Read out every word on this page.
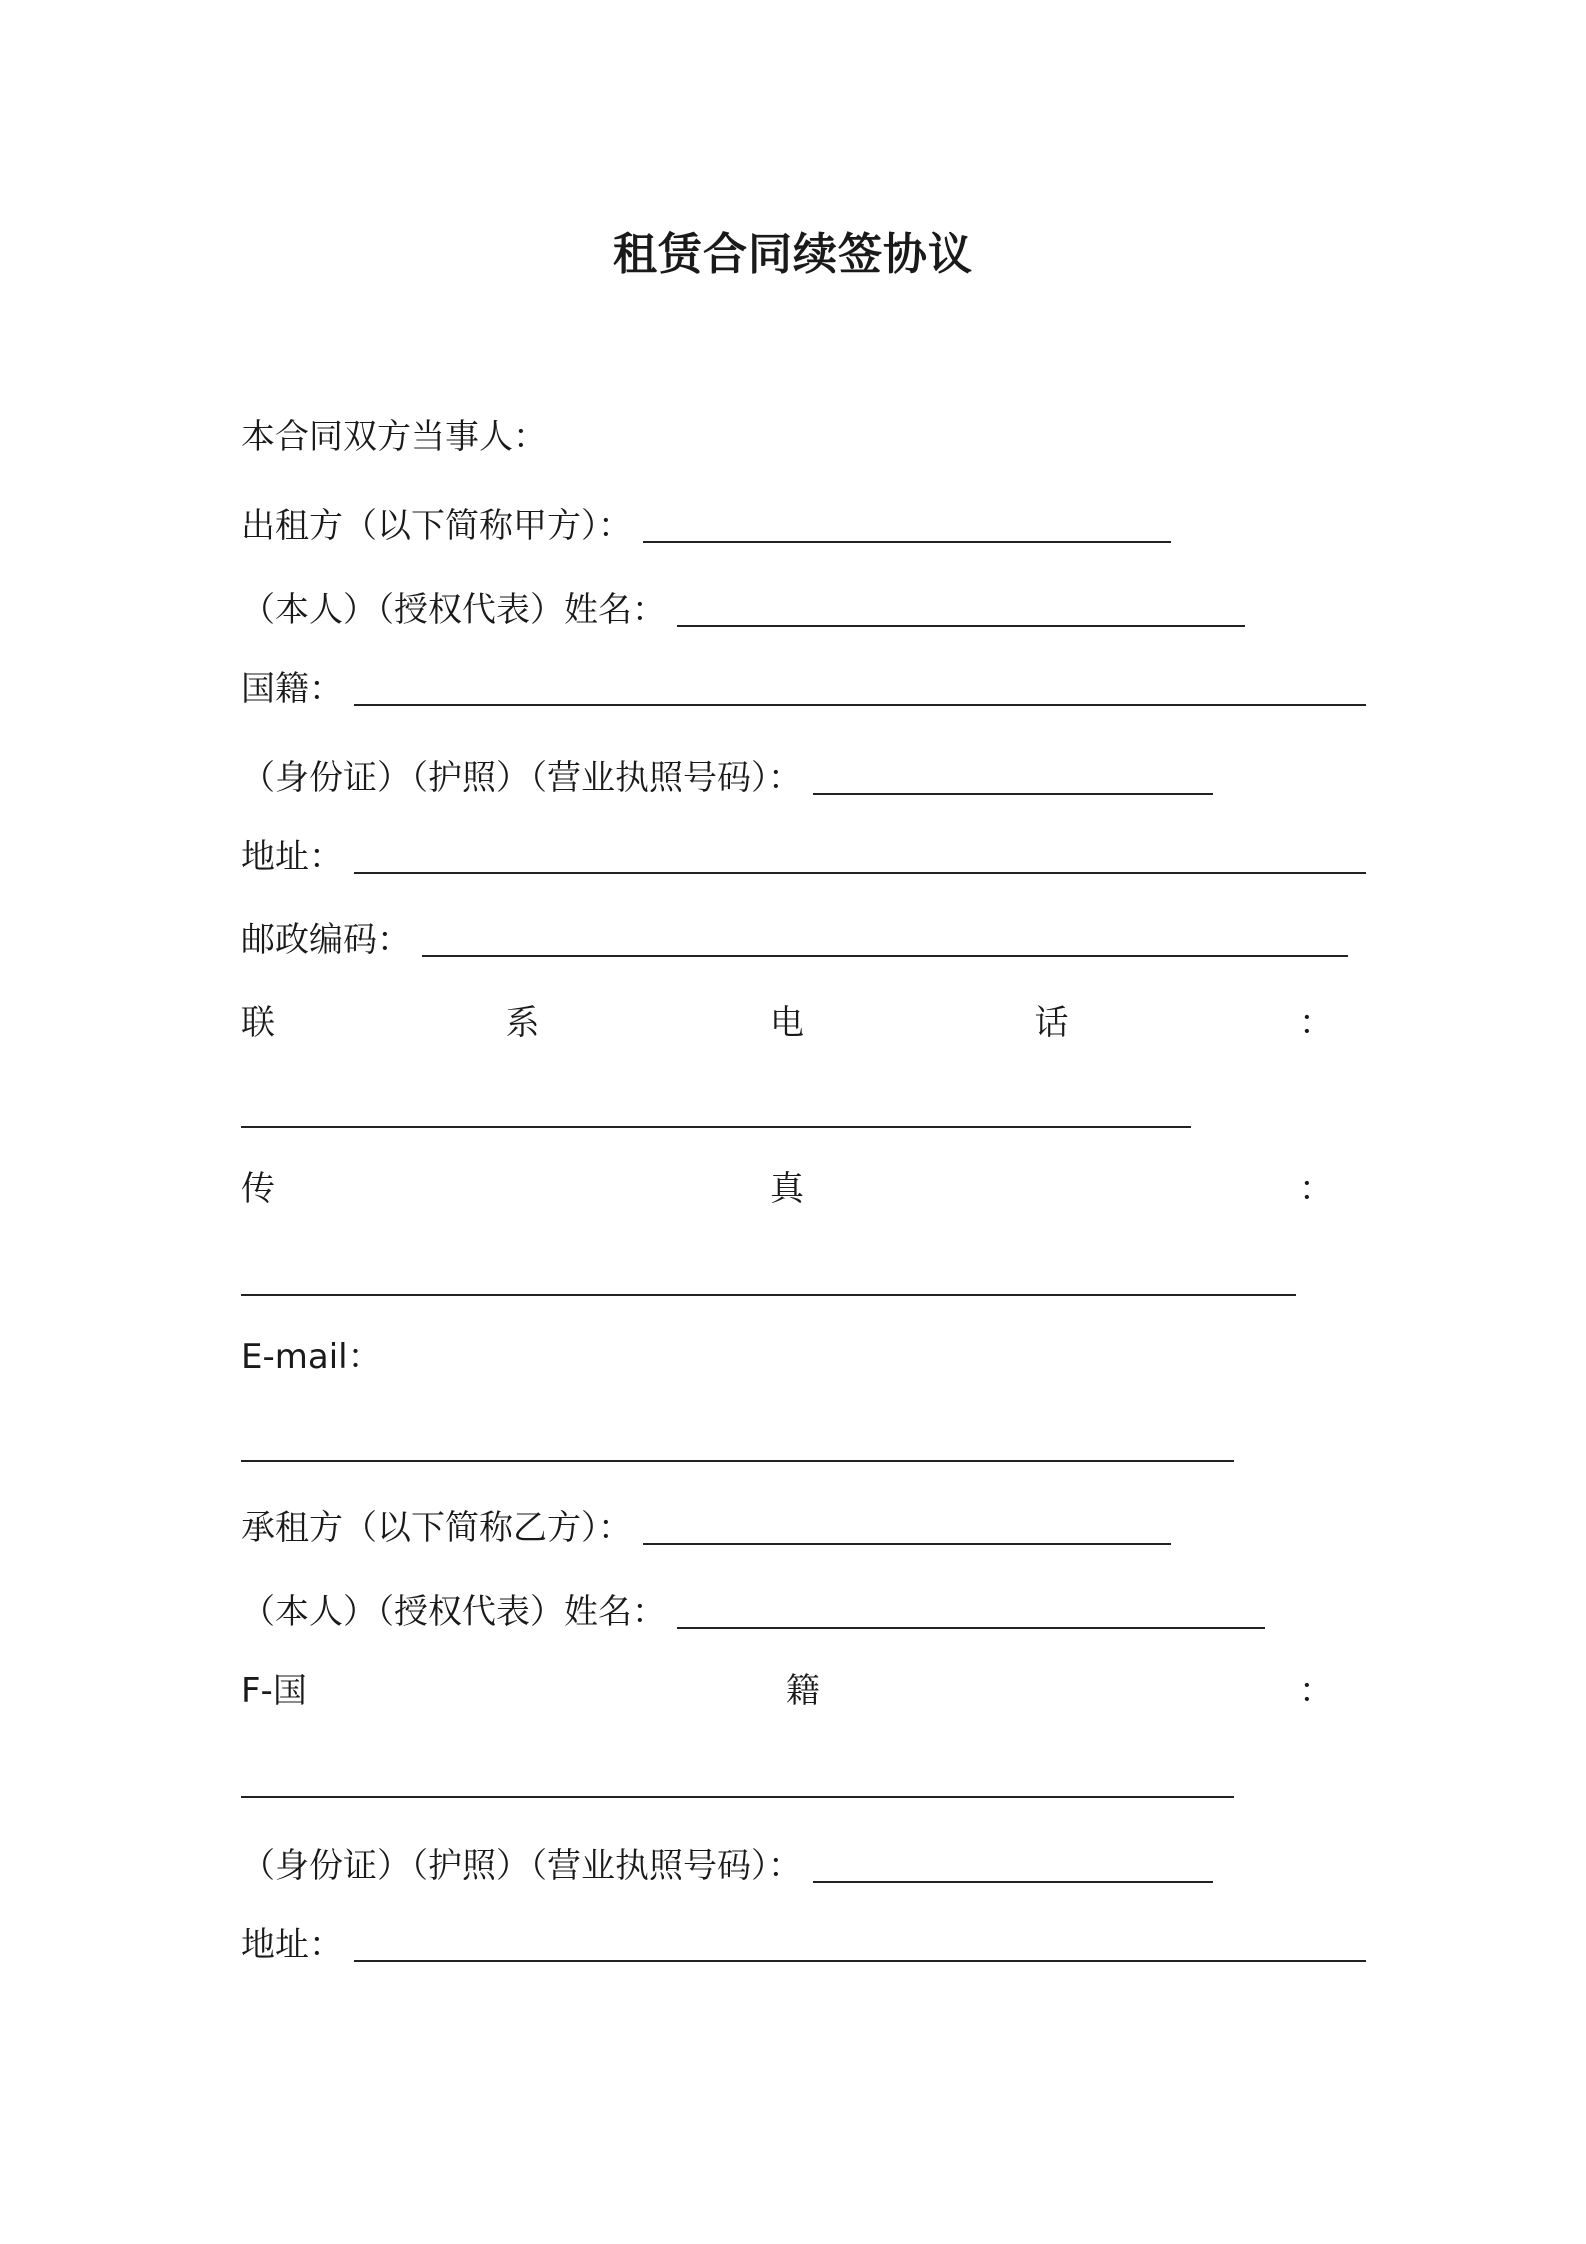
租赁合同续签协议
本合同双方当事人：
出租方（以下简称甲方）：
（本人）（授权代表）姓名：
国籍：
（身份证）（护照）（营业执照号码）：
地址：
邮政编码：
联	系	电	话	：
传	真	：
E-mail：
承租方（以下简称乙方）：
（本人）（授权代表）姓名：
F-国	籍	：
（身份证）（护照）（营业执照号码）：
地址：
